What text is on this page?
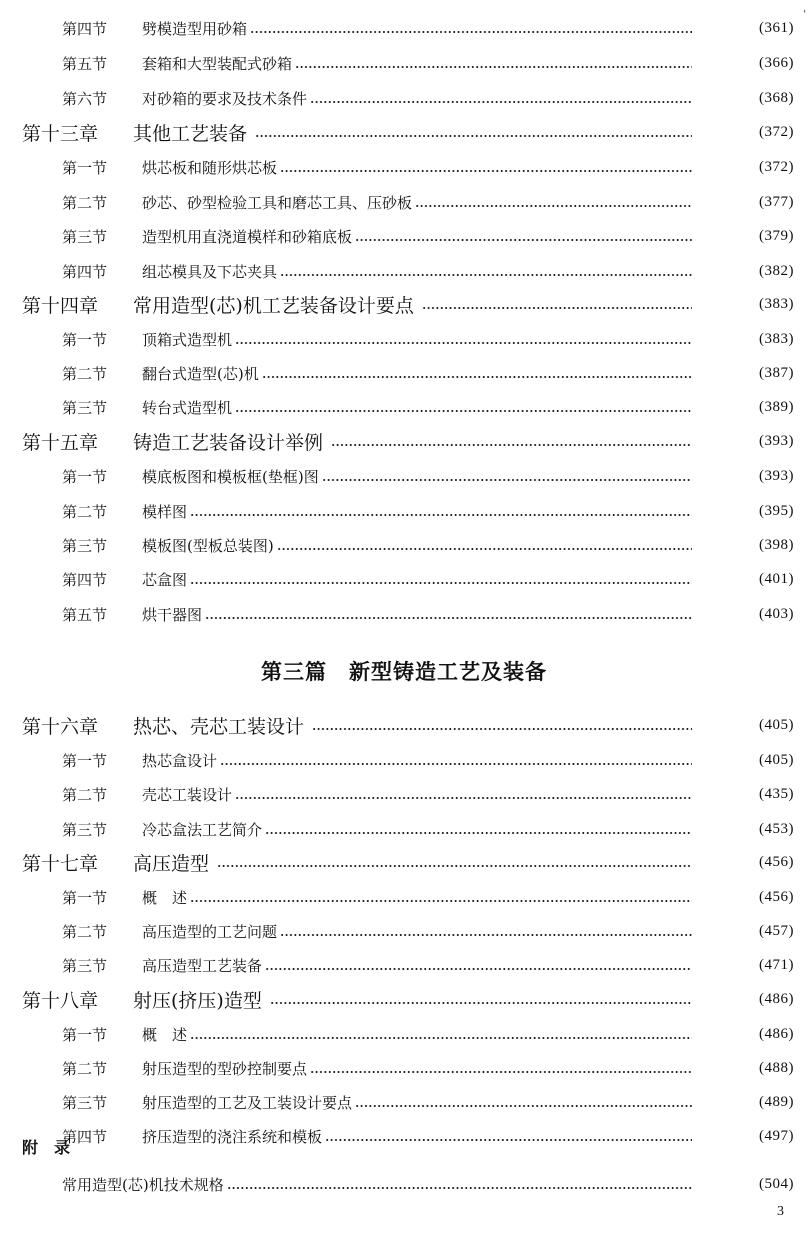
'
第四节 劈模造型用砂箱	(361)
第五节 套箱和大型装配式砂箱	(366)
第六节 对砂箱的要求及技术条件	(368)
第十三章 其他工艺装备	(372)
第一节 烘芯板和随形烘芯板	(372)
第二节 砂芯、砂型检验工具和磨芯工具、压砂板	(377)
第三节 造型机用直浇道模样和砂箱底板	(379)
第四节 组芯模具及下芯夹具	(382)
第十四章 常用造型(芯)机工艺装备设计要点	(383)
第一节 顶箱式造型机	(383)
第二节 翻台式造型(芯)机	(387)
第三节 转台式造型机	(389)
第十五章 铸造工艺装备设计举例	(393)
第一节 模底板图和模板框(垫框)图	(393)
第二节 模样图	(395)
第三节 模板图(型板总装图)	(398)
第四节 芯盒图	(401)
第五节 烘干器图	(403)
第三篇　新型铸造工艺及装备
第十六章 热芯、壳芯工装设计	(405)
第一节 热芯盒设计	(405)
第二节 壳芯工装设计	(435)
第三节 冷芯盒法工艺简介	(453)
第十七章 高压造型	(456)
第一节 概　述	(456)
第二节 高压造型的工艺问题	(457)
第三节 高压造型工艺装备	(471)
第十八章 射压(挤压)造型	(486)
第一节 概　述	(486)
第二节 射压造型的型砂控制要点	(488)
第三节 射压造型的工艺及工装设计要点	(489)
第四节 挤压造型的浇注系统和模板	(497)
附　录
常用造型(芯)机技术规格	(504)
3
